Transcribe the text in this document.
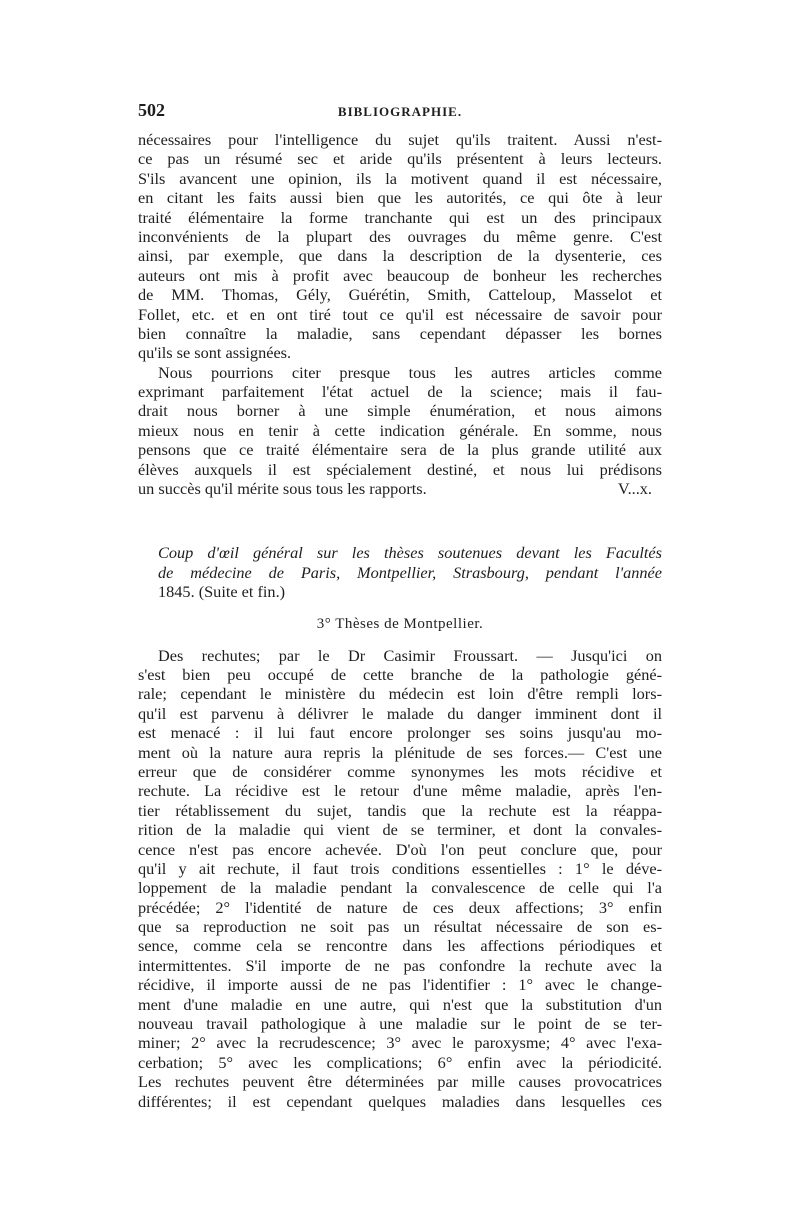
502	BIBLIOGRAPHIE.
nécessaires pour l'intelligence du sujet qu'ils traitent. Aussi n'est-
ce pas un résumé sec et aride qu'ils présentent à leurs lecteurs.
S'ils avancent une opinion, ils la motivent quand il est nécessaire,
en citant les faits aussi bien que les autorités, ce qui ôte à leur
traité élémentaire la forme tranchante qui est un des principaux
inconvénients de la plupart des ouvrages du même genre. C'est
ainsi, par exemple, que dans la description de la dysenterie, ces
auteurs ont mis à profit avec beaucoup de bonheur les recherches
de MM. Thomas, Gély, Guérétin, Smith, Catteloup, Masselot et
Follet, etc. et en ont tiré tout ce qu'il est nécessaire de savoir pour
bien connaître la maladie, sans cependant dépasser les bornes
qu'ils se sont assignées.
Nous pourrions citer presque tous les autres articles comme
exprimant parfaitement l'état actuel de la science; mais il fau-
drait nous borner à une simple énumération, et nous aimons
mieux nous en tenir à cette indication générale. En somme, nous
pensons que ce traité élémentaire sera de la plus grande utilité aux
élèves auxquels il est spécialement destiné, et nous lui prédisons
un succès qu'il mérite sous tous les rapports.	V...x.
Coup d'œil général sur les thèses soutenues devant les Facultés
de médecine de Paris, Montpellier, Strasbourg, pendant l'année
1845. (Suite et fin.)
3° Thèses de Montpellier.
Des rechutes; par le Dr Casimir Froussart. — Jusqu'ici on
s'est bien peu occupé de cette branche de la pathologie géné-
rale; cependant le ministère du médecin est loin d'être rempli lors-
qu'il est parvenu à délivrer le malade du danger imminent dont il
est menacé : il lui faut encore prolonger ses soins jusqu'au mo-
ment où la nature aura repris la plénitude de ses forces.— C'est une
erreur que de considérer comme synonymes les mots récidive et
rechute. La récidive est le retour d'une même maladie, après l'en-
tier rétablissement du sujet, tandis que la rechute est la réappa-
rition de la maladie qui vient de se terminer, et dont la convales-
cence n'est pas encore achevée. D'où l'on peut conclure que, pour
qu'il y ait rechute, il faut trois conditions essentielles : 1° le déve-
loppement de la maladie pendant la convalescence de celle qui l'a
précédée; 2° l'identité de nature de ces deux affections; 3° enfin
que sa reproduction ne soit pas un résultat nécessaire de son es-
sence, comme cela se rencontre dans les affections périodiques et
intermittentes. S'il importe de ne pas confondre la rechute avec la
récidive, il importe aussi de ne pas l'identifier : 1° avec le change-
ment d'une maladie en une autre, qui n'est que la substitution d'un
nouveau travail pathologique à une maladie sur le point de se ter-
miner; 2° avec la recrudescence; 3° avec le paroxysme; 4° avec l'exa-
cerbation; 5° avec les complications; 6° enfin avec la périodicité.
Les rechutes peuvent être déterminées par mille causes provocatrices
différentes; il est cependant quelques maladies dans lesquelles ces
